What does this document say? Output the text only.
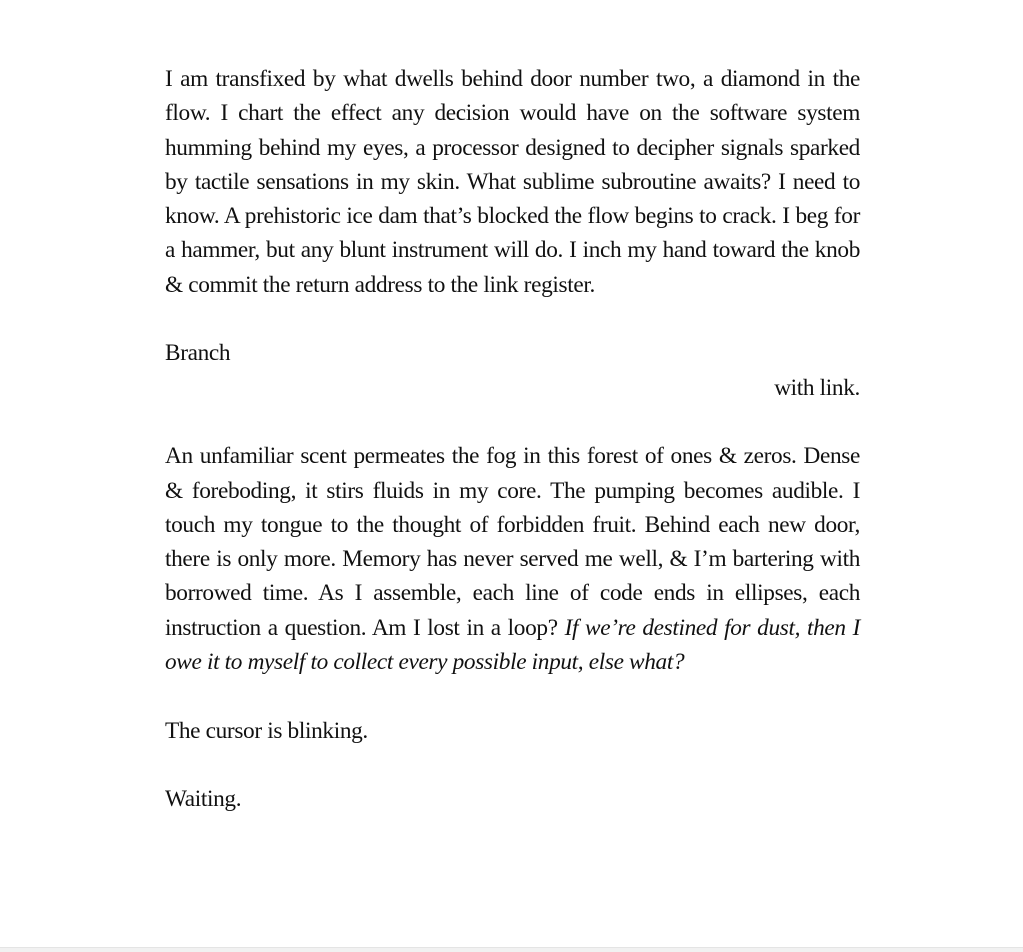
I am transfixed by what dwells behind door number two, a diamond in the flow. I chart the effect any decision would have on the software system humming behind my eyes, a processor designed to decipher signals sparked by tactile sensations in my skin. What sublime subroutine awaits? I need to know. A prehistoric ice dam that’s blocked the flow begins to crack. I beg for a hammer, but any blunt instrument will do. I inch my hand toward the knob & commit the return address to the link register.

Branch

with link.

An unfamiliar scent permeates the fog in this forest of ones & zeros. Dense & foreboding, it stirs fluids in my core. The pumping becomes audible. I touch my tongue to the thought of forbidden fruit. Behind each new door, there is only more. Memory has never served me well, & I’m bartering with borrowed time. As I assemble, each line of code ends in ellipses, each instruction a question. Am I lost in a loop? If we’re destined for dust, then I owe it to myself to collect every possible input, else what?

The cursor is blinking.

Waiting.
